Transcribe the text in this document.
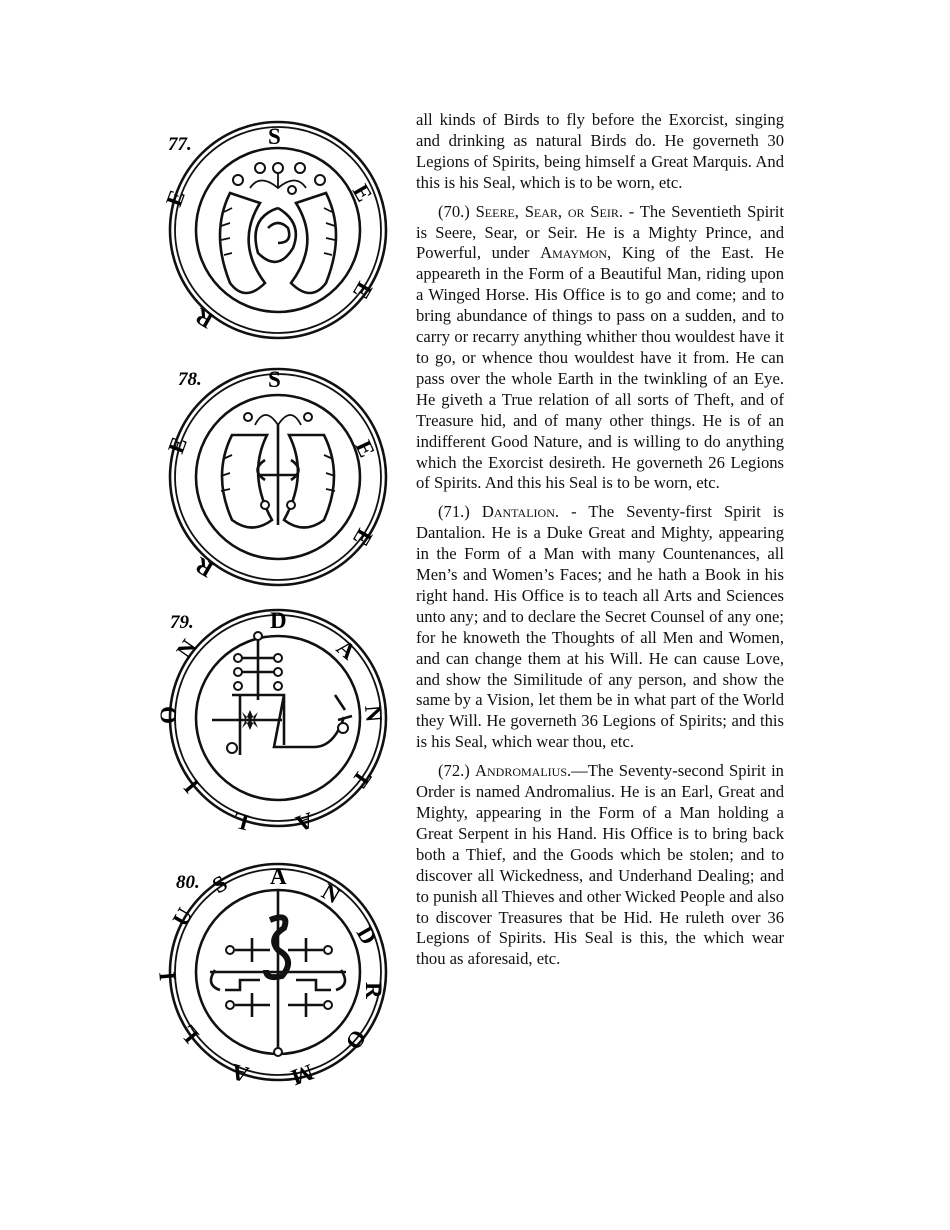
77.	S
E
E
R
E
78.	S
E
E
R
E
79.	D
A
N
T
A
L
I
O
N
80.	A
N
D
R
O
M
A
L
I
U
S

all kinds of Birds to fly before the Exorcist, singing and drinking as natural Birds do. He governeth 30 Legions of Spirits, being himself a Great Marquis. And this is his Seal, which is to be worn, etc.

(70.) Seere, Sear, or Seir. - The Seventieth Spirit is Seere, Sear, or Seir. He is a Mighty Prince, and Powerful, under Amaymon, King of the East. He appeareth in the Form of a Beautiful Man, riding upon a Winged Horse. His Office is to go and come; and to bring abundance of things to pass on a sudden, and to carry or recarry anything whither thou wouldest have it to go, or whence thou wouldest have it from. He can pass over the whole Earth in the twinkling of an Eye. He giveth a True relation of all sorts of Theft, and of Treasure hid, and of many other things. He is of an indifferent Good Nature, and is willing to do anything which the Exorcist desireth. He governeth 26 Legions of Spirits. And this his Seal is to be worn, etc.

(71.) Dantalion. - The Seventy-first Spirit is Dantalion. He is a Duke Great and Mighty, appearing in the Form of a Man with many Countenances, all Men’s and Women’s Faces; and he hath a Book in his right hand. His Office is to teach all Arts and Sciences unto any; and to declare the Secret Counsel of any one; for he knoweth the Thoughts of all Men and Women, and can change them at his Will. He can cause Love, and show the Similitude of any person, and show the same by a Vision, let them be in what part of the World they Will. He governeth 36 Legions of Spirits; and this is his Seal, which wear thou, etc.

(72.) Andromalius.—The Seventy-second Spirit in Order is named Andromalius. He is an Earl, Great and Mighty, appearing in the Form of a Man holding a Great Serpent in his Hand. His Office is to bring back both a Thief, and the Goods which be stolen; and to discover all Wickedness, and Underhand Dealing; and to punish all Thieves and other Wicked People and also to discover Treasures that be Hid. He ruleth over 36 Legions of Spirits. His Seal is this, the which wear thou as aforesaid, etc.
